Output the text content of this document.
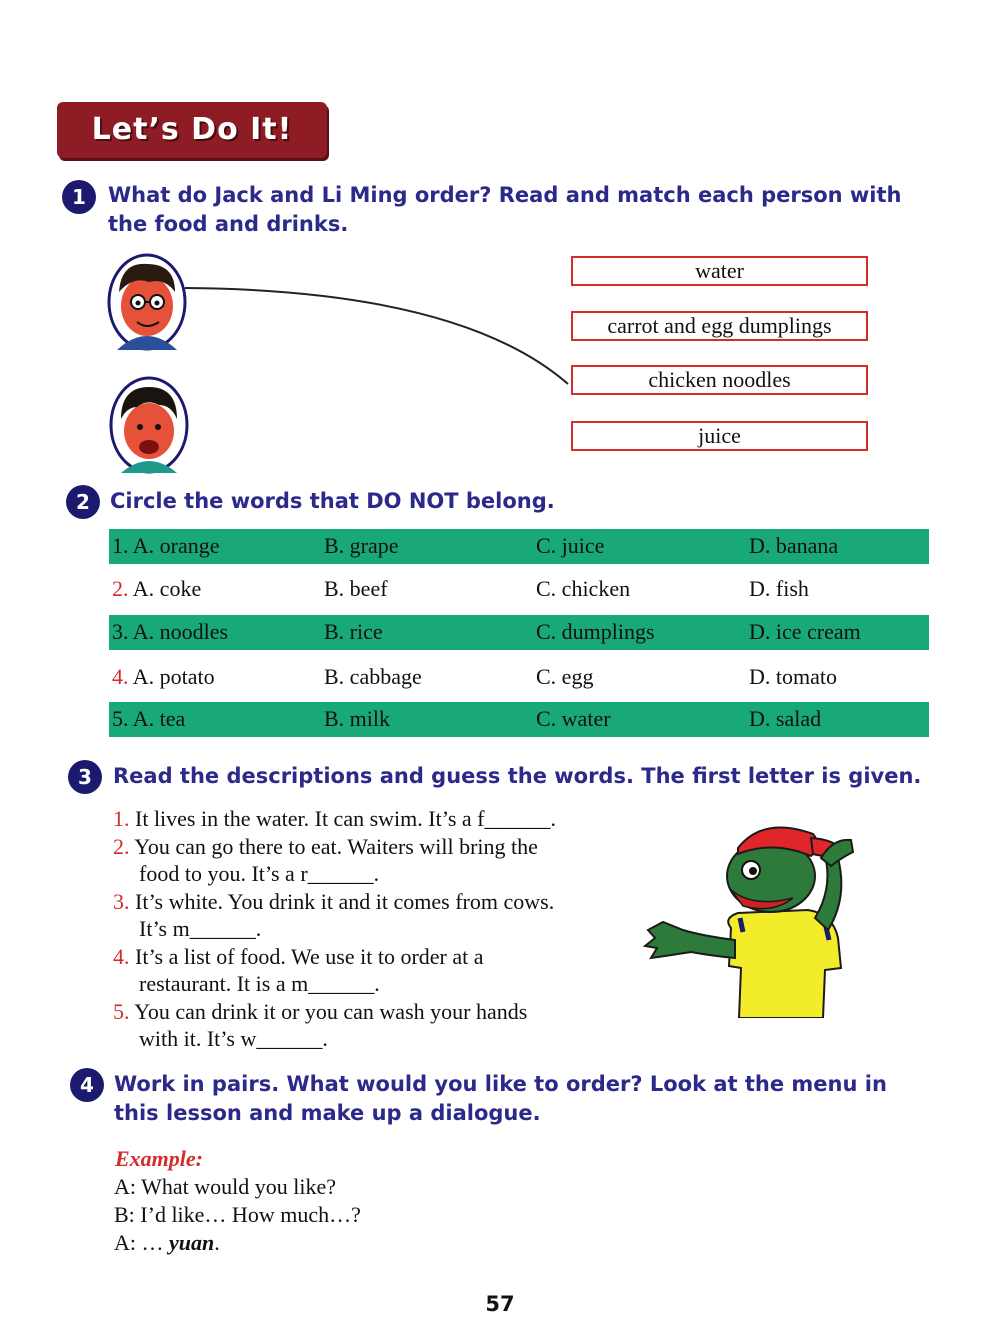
Let’s Do It!
1	What do Jack and Li Ming order? Read and match each person with
the food and drinks.
water
carrot and egg dumplings
chicken noodles
juice
2 Circle the words that DO NOT belong.
1. A. orange	B. grape	C. juice	D. banana
2. A. coke	B. beef	C. chicken	D. fish
3. A. noodles	B. rice	C. dumplings	D. ice cream
4. A. potato	B. cabbage	C. egg	D. tomato
5. A. tea	B. milk	C. water	D. salad
3	Read the descriptions and guess the words. The first letter is given.
1. It lives in the water. It can swim. It’s a f______.
2. You can go there to eat. Waiters will bring the
food to you. It’s a r______.
3. It’s white. You drink it and it comes from cows.
It’s m______.
4. It’s a list of food. We use it to order at a
restaurant. It is a m______.
5. You can drink it or you can wash your hands
with it. It’s w______.
4 Work in pairs. What would you like to order? Look at the menu in
this lesson and make up a dialogue.
Example:
A: What would you like?
B: I’d like… How much…?
A: … yuan.
57
